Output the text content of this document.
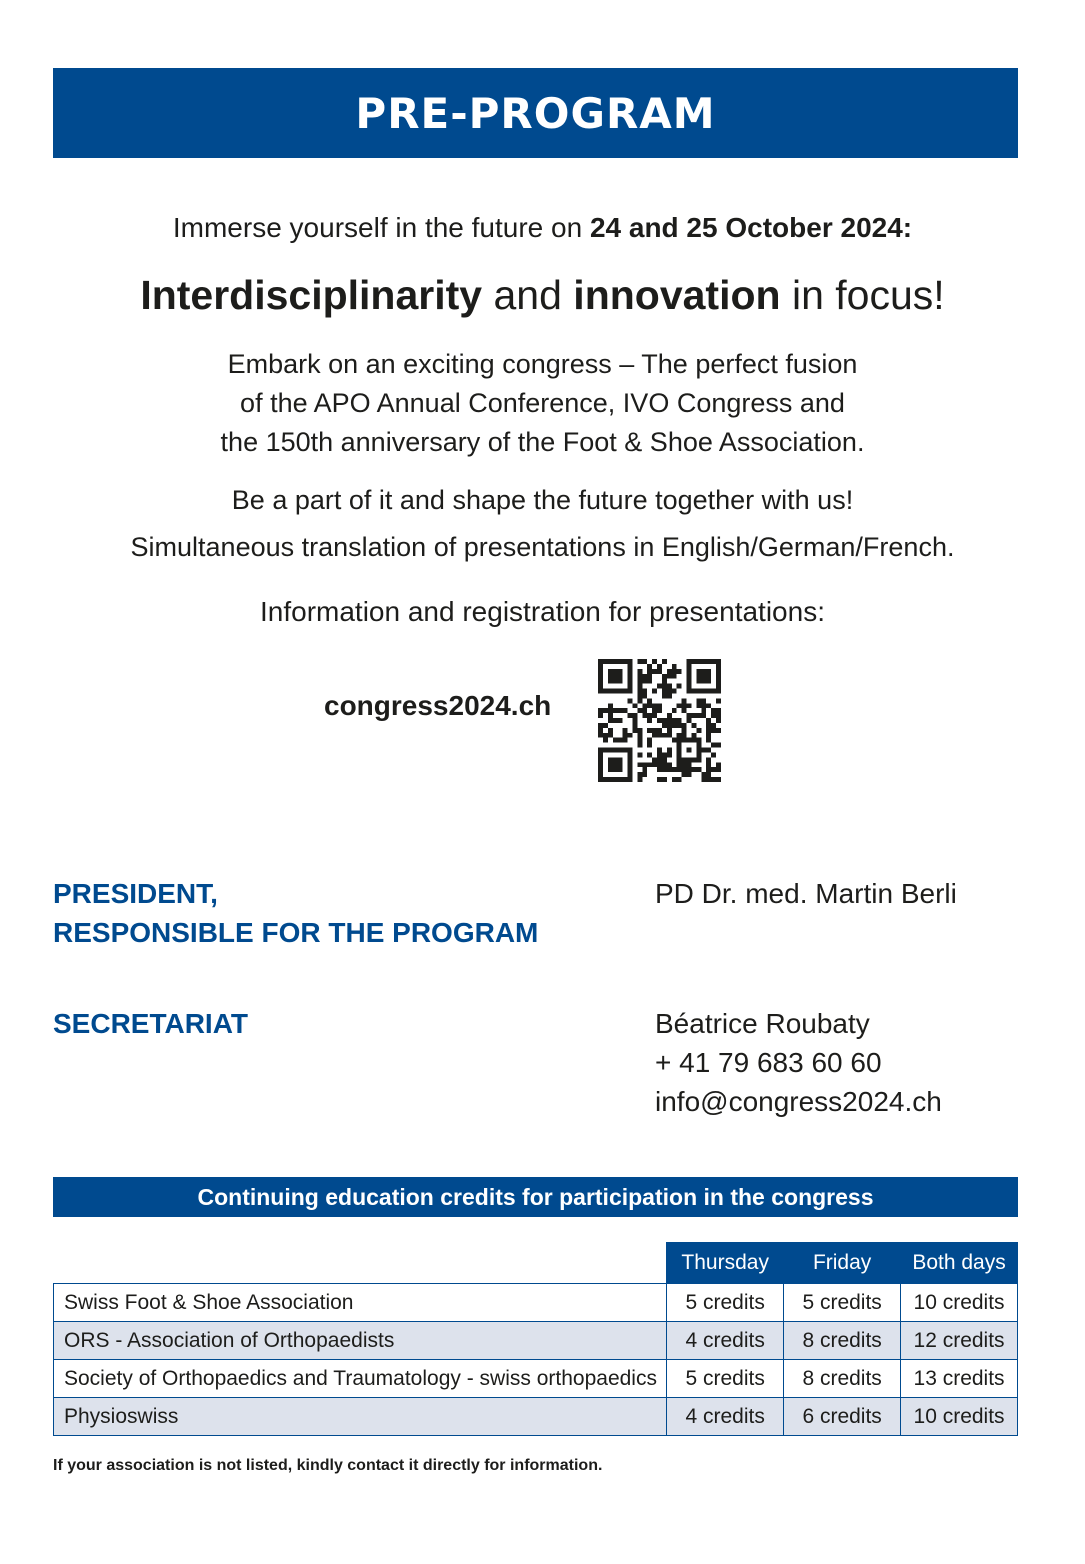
PRE-PROGRAM
Immerse yourself in the future on 24 and 25 October 2024:
Interdisciplinarity and innovation in focus!
Embark on an exciting congress – The perfect fusion
of the APO Annual Conference, IVO Congress and
the 150th anniversary of the Foot & Shoe Association.
Be a part of it and shape the future together with us!
Simultaneous translation of presentations in English/German/French.
Information and registration for presentations:
congress2024.ch
PRESIDENT,
RESPONSIBLE FOR THE PROGRAM
PD Dr. med. Martin Berli
SECRETARIAT	Béatrice Roubaty
+ 41 79 683 60 60
info@congress2024.ch
Continuing education credits for participation in the congress
	Thursday	Friday	Both days
Swiss Foot & Shoe Association	5 credits	5 credits	10 credits
ORS - Association of Orthopaedists	4 credits	8 credits	12 credits
Society of Orthopaedics and Traumatology - swiss orthopaedics	5 credits	8 credits	13 credits
Physioswiss	4 credits	6 credits	10 credits
If your association is not listed, kindly contact it directly for information.
